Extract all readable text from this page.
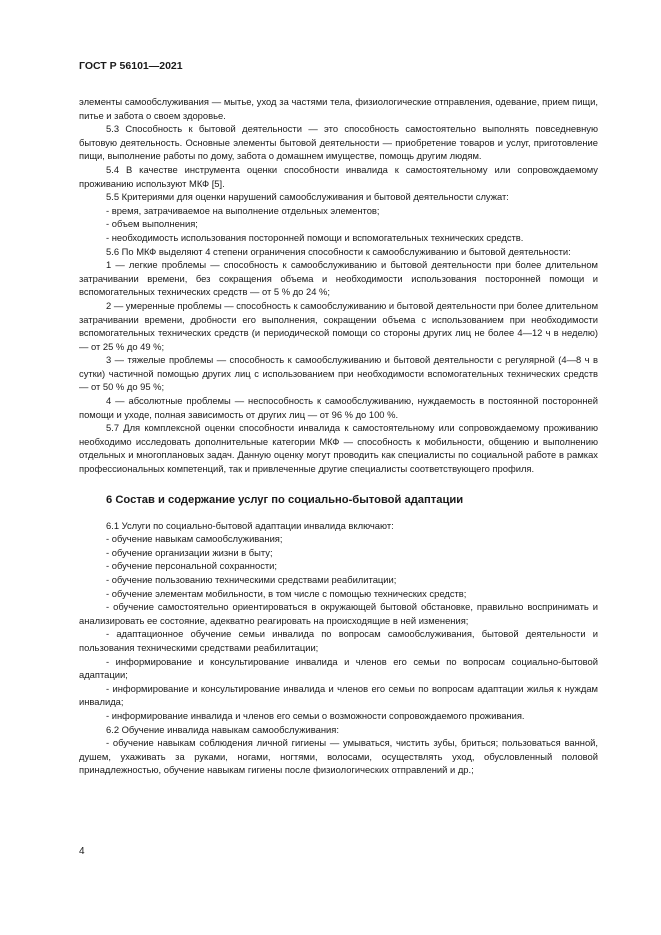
ГОСТ Р 56101—2021

элементы самообслуживания — мытье, уход за частями тела, физиологические отправления, одевание, прием пищи, питье и забота о своем здоровье.

5.3 Способность к бытовой деятельности — это способность самостоятельно выполнять повседневную бытовую деятельность. Основные элементы бытовой деятельности — приобретение товаров и услуг, приготовление пищи, выполнение работы по дому, забота о домашнем имуществе, помощь другим людям.

5.4 В качестве инструмента оценки способности инвалида к самостоятельному или сопровождаемому проживанию используют МКФ [5].

5.5 Критериями для оценки нарушений самообслуживания и бытовой деятельности служат:

- время, затрачиваемое на выполнение отдельных элементов;

- объем выполнения;

- необходимость использования посторонней помощи и вспомогательных технических средств.

5.6 По МКФ выделяют 4 степени ограничения способности к самообслуживанию и бытовой деятельности:

1 — легкие проблемы — способность к самообслуживанию и бытовой деятельности при более длительном затрачивании времени, без сокращения объема и необходимости использования посторонней помощи и вспомогательных технических средств — от 5 % до 24 %;

2 — умеренные проблемы — способность к самообслуживанию и бытовой деятельности при более длительном затрачивании времени, дробности его выполнения, сокращении объема с использованием при необходимости вспомогательных технических средств (и периодической помощи со стороны других лиц не более 4—12 ч в неделю) — от 25 % до 49 %;

3 — тяжелые проблемы — способность к самообслуживанию и бытовой деятельности с регулярной (4—8 ч в сутки) частичной помощью других лиц с использованием при необходимости вспомогательных технических средств — от 50 % до 95 %;

4 — абсолютные проблемы — неспособность к самообслуживанию, нуждаемость в постоянной посторонней помощи и уходе, полная зависимость от других лиц — от 96 % до 100 %.

5.7 Для комплексной оценки способности инвалида к самостоятельному или сопровождаемому проживанию необходимо исследовать дополнительные категории МКФ — способность к мобильности, общению и выполнению отдельных и многоплановых задач. Данную оценку могут проводить как специалисты по социальной работе в рамках профессиональных компетенций, так и привлеченные другие специалисты соответствующего профиля.

6 Состав и содержание услуг по социально-бытовой адаптации

6.1 Услуги по социально-бытовой адаптации инвалида включают:

- обучение навыкам самообслуживания;

- обучение организации жизни в быту;

- обучение персональной сохранности;

- обучение пользованию техническими средствами реабилитации;

- обучение элементам мобильности, в том числе с помощью технических средств;

- обучение самостоятельно ориентироваться в окружающей бытовой обстановке, правильно воспринимать и анализировать ее состояние, адекватно реагировать на происходящие в ней изменения;

- адаптационное обучение семьи инвалида по вопросам самообслуживания, бытовой деятельности и пользования техническими средствами реабилитации;

- информирование и консультирование инвалида и членов его семьи по вопросам социально-бытовой адаптации;

- информирование и консультирование инвалида и членов его семьи по вопросам адаптации жилья к нуждам инвалида;

- информирование инвалида и членов его семьи о возможности сопровождаемого проживания.

6.2 Обучение инвалида навыкам самообслуживания:

- обучение навыкам соблюдения личной гигиены — умываться, чистить зубы, бриться; пользоваться ванной, душем, ухаживать за руками, ногами, ногтями, волосами, осуществлять уход, обусловленный половой принадлежностью, обучение навыкам гигиены после физиологических отправлений и др.;

4
